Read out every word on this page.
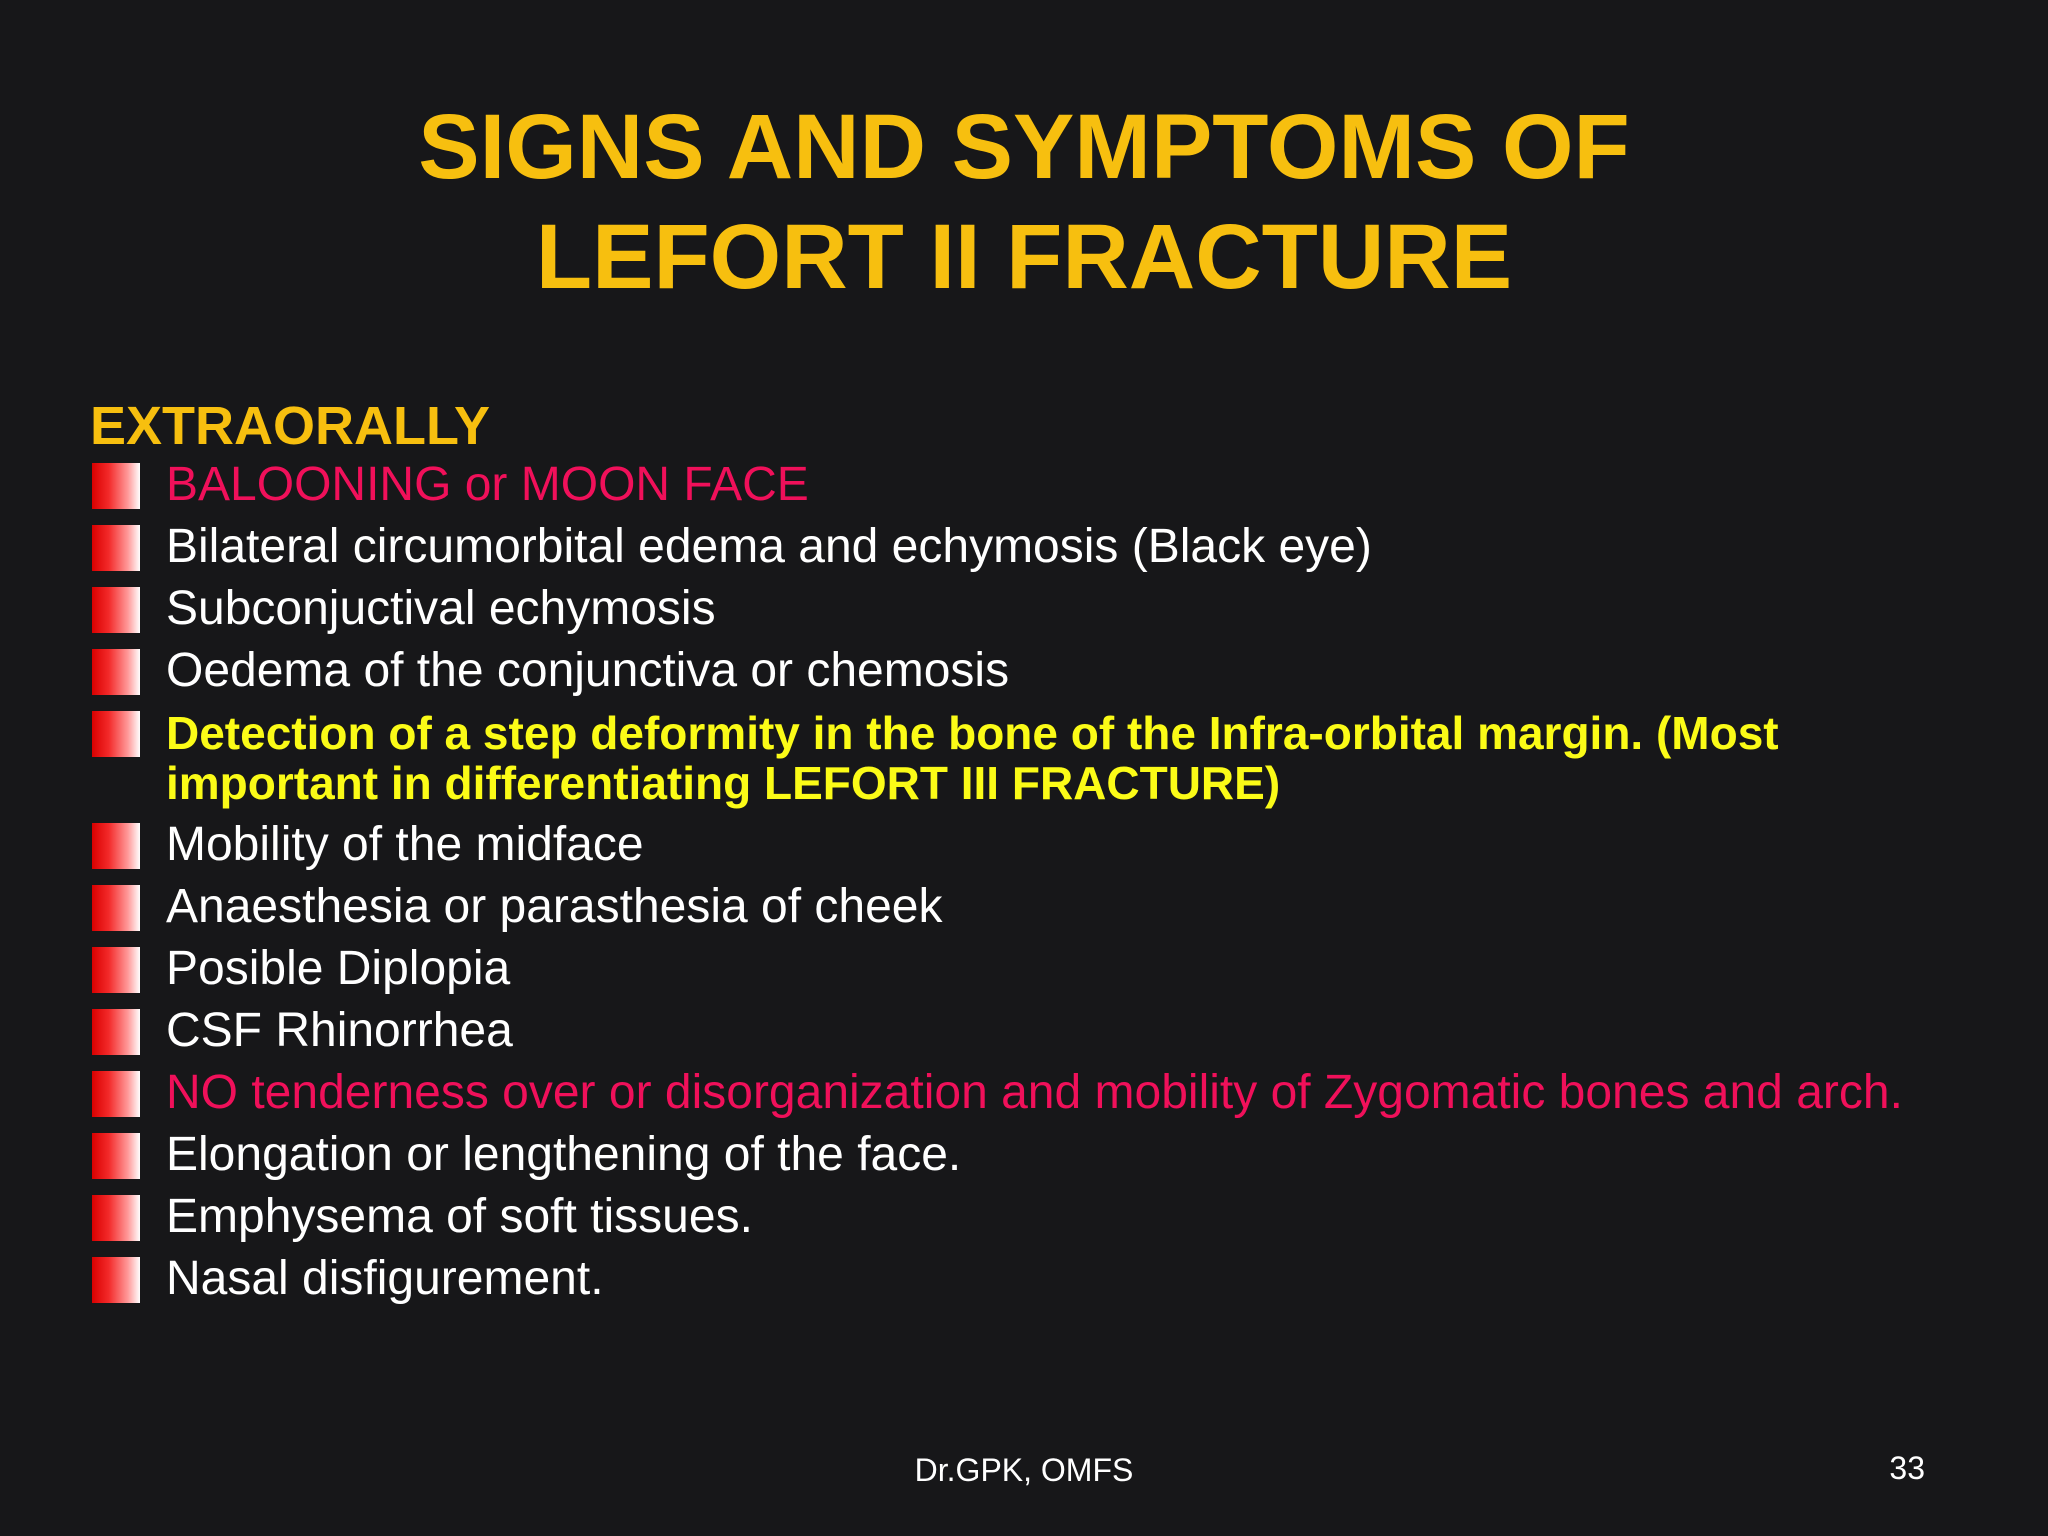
SIGNS AND SYMPTOMS OF
LEFORT II FRACTURE
EXTRAORALLY
BALOONING or MOON FACE
Bilateral circumorbital edema and echymosis (Black eye)
Subconjuctival echymosis
Oedema of the conjunctiva or chemosis
Detection of a step deformity in the bone of the Infra-orbital margin. (Most important in differentiating LEFORT III FRACTURE)
Mobility of the midface
Anaesthesia or parasthesia of cheek
Posible Diplopia
CSF Rhinorrhea
NO tenderness over or disorganization and mobility of Zygomatic bones and arch.
Elongation or lengthening of the face.
Emphysema of soft tissues.
Nasal disfigurement.
Dr.GPK, OMFS	33
